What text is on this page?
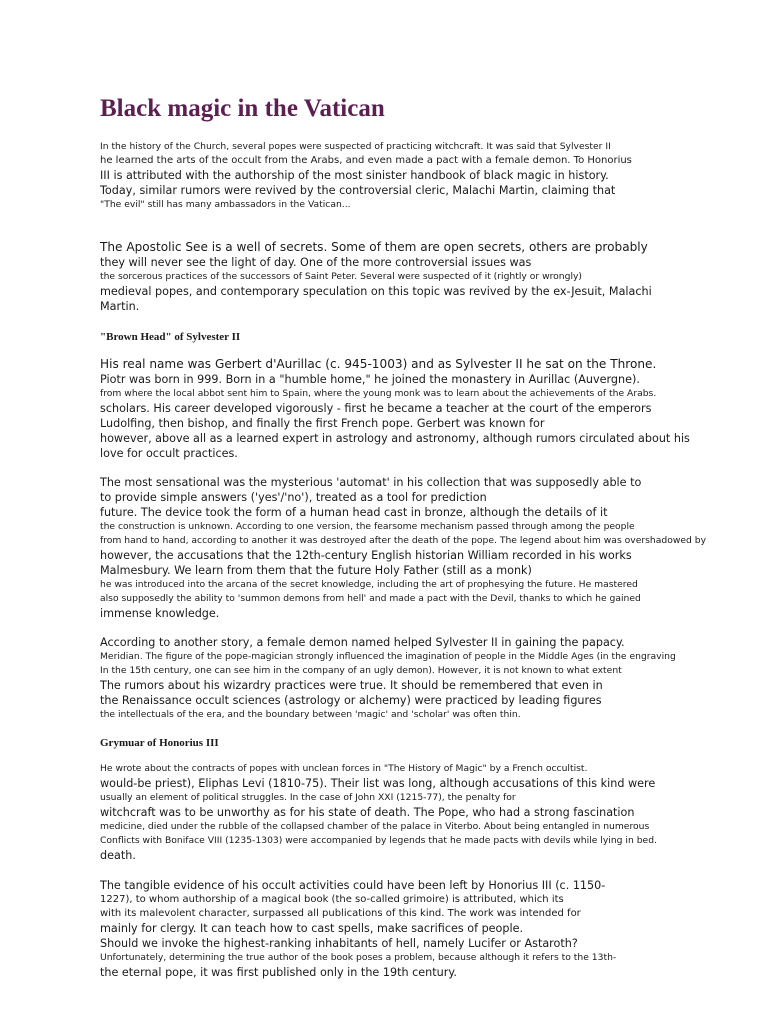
Black magic in the Vatican
In the history of the Church, several popes were suspected of practicing witchcraft. It was said that Sylvester II
he learned the arts of the occult from the Arabs, and even made a pact with a female demon. To Honorius
III is attributed with the authorship of the most sinister handbook of black magic in history.
Today, similar rumors were revived by the controversial cleric, Malachi Martin, claiming that
"The evil" still has many ambassadors in the Vatican...
The Apostolic See is a well of secrets. Some of them are open secrets, others are probably
they will never see the light of day. One of the more controversial issues was
the sorcerous practices of the successors of Saint Peter. Several were suspected of it (rightly or wrongly)
medieval popes, and contemporary speculation on this topic was revived by the ex-Jesuit, Malachi
Martin.
"Brown Head" of Sylvester II
His real name was Gerbert d'Aurillac (c. 945-1003) and as Sylvester II he sat on the Throne.
Piotr was born in 999. Born in a "humble home," he joined the monastery in Aurillac (Auvergne).
from where the local abbot sent him to Spain, where the young monk was to learn about the achievements of the Arabs.
scholars. His career developed vigorously - first he became a teacher at the court of the emperors
Ludolfing, then bishop, and finally the first French pope. Gerbert was known for
however, above all as a learned expert in astrology and astronomy, although rumors circulated about his
love for occult practices.
The most sensational was the mysterious 'automat' in his collection that was supposedly able to
to provide simple answers ('yes'/'no'), treated as a tool for prediction
future. The device took the form of a human head cast in bronze, although the details of it
the construction is unknown. According to one version, the fearsome mechanism passed through among the people
from hand to hand, according to another it was destroyed after the death of the pope. The legend about him was overshadowed by
however, the accusations that the 12th-century English historian William recorded in his works
Malmesbury. We learn from them that the future Holy Father (still as a monk)
he was introduced into the arcana of the secret knowledge, including the art of prophesying the future. He mastered
also supposedly the ability to 'summon demons from hell' and made a pact with the Devil, thanks to which he gained
immense knowledge.
According to another story, a female demon named helped Sylvester II in gaining the papacy.
Meridian. The figure of the pope-magician strongly influenced the imagination of people in the Middle Ages (in the engraving
In the 15th century, one can see him in the company of an ugly demon). However, it is not known to what extent
The rumors about his wizardry practices were true. It should be remembered that even in
the Renaissance occult sciences (astrology or alchemy) were practiced by leading figures
the intellectuals of the era, and the boundary between 'magic' and 'scholar' was often thin.
Grymuar of Honorius III
He wrote about the contracts of popes with unclean forces in "The History of Magic" by a French occultist.
would-be priest), Eliphas Levi (1810-75). Their list was long, although accusations of this kind were
usually an element of political struggles. In the case of John XXI (1215-77), the penalty for
witchcraft was to be unworthy as for his state of death. The Pope, who had a strong fascination
medicine, died under the rubble of the collapsed chamber of the palace in Viterbo. About being entangled in numerous
Conflicts with Boniface VIII (1235-1303) were accompanied by legends that he made pacts with devils while lying in bed.
death.
The tangible evidence of his occult activities could have been left by Honorius III (c. 1150-
1227), to whom authorship of a magical book (the so-called grimoire) is attributed, which its
with its malevolent character, surpassed all publications of this kind. The work was intended for
mainly for clergy. It can teach how to cast spells, make sacrifices of people.
Should we invoke the highest-ranking inhabitants of hell, namely Lucifer or Astaroth?
Unfortunately, determining the true author of the book poses a problem, because although it refers to the 13th-
the eternal pope, it was first published only in the 19th century.
